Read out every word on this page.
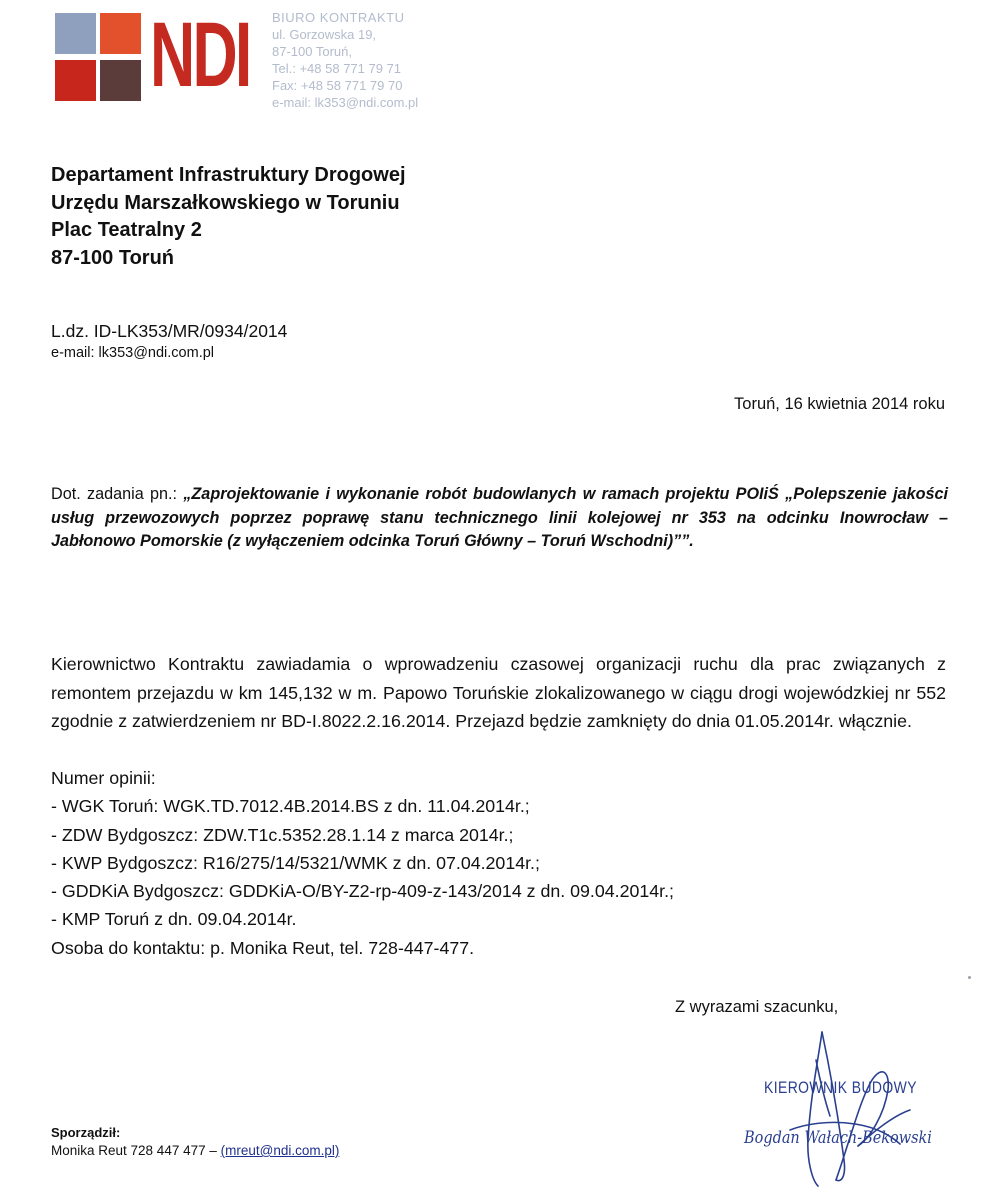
NDI BIURO KONTRAKTU
ul. Gorzowska 19,
87-100 Toruń,
Tel.: +48 58 771 79 71
Fax: +48 58 771 79 70
e-mail: lk353@ndi.com.pl
Departament Infrastruktury Drogowej
Urzędu Marszałkowskiego w Toruniu
Plac Teatralny 2
87-100 Toruń
L.dz. ID-LK353/MR/0934/2014
e-mail: lk353@ndi.com.pl
Toruń, 16 kwietnia 2014 roku
Dot. zadania pn.: „Zaprojektowanie i wykonanie robót budowlanych w ramach projektu POIiŚ „Polepszenie jakości usług przewozowych poprzez poprawę stanu technicznego linii kolejowej nr 353 na odcinku Inowrocław – Jabłonowo Pomorskie (z wyłączeniem odcinka Toruń Główny – Toruń Wschodni)””.
Kierownictwo Kontraktu zawiadamia o wprowadzeniu czasowej organizacji ruchu dla prac związanych z remontem przejazdu w km 145,132 w m. Papowo Toruńskie zlokalizowanego w ciągu drogi wojewódzkiej nr 552 zgodnie z zatwierdzeniem nr BD-I.8022.2.16.2014. Przejazd będzie zamknięty do dnia 01.05.2014r. włącznie.
Numer opinii:
- WGK Toruń: WGK.TD.7012.4B.2014.BS z dn. 11.04.2014r.;
- ZDW Bydgoszcz: ZDW.T1c.5352.28.1.14 z marca 2014r.;
- KWP Bydgoszcz: R16/275/14/5321/WMK z dn. 07.04.2014r.;
- GDDKiA Bydgoszcz: GDDKiA-O/BY-Z2-rp-409-z-143/2014 z dn. 09.04.2014r.;
- KMP Toruń z dn. 09.04.2014r.
Osoba do kontaktu: p. Monika Reut, tel. 728-447-477.
Z wyrazami szacunku,
KIEROWNIK BUDOWY
Bogdan Wałach-Bekowski
Sporządził:
Monika Reut 728 447 477 – (mreut@ndi.com.pl)
